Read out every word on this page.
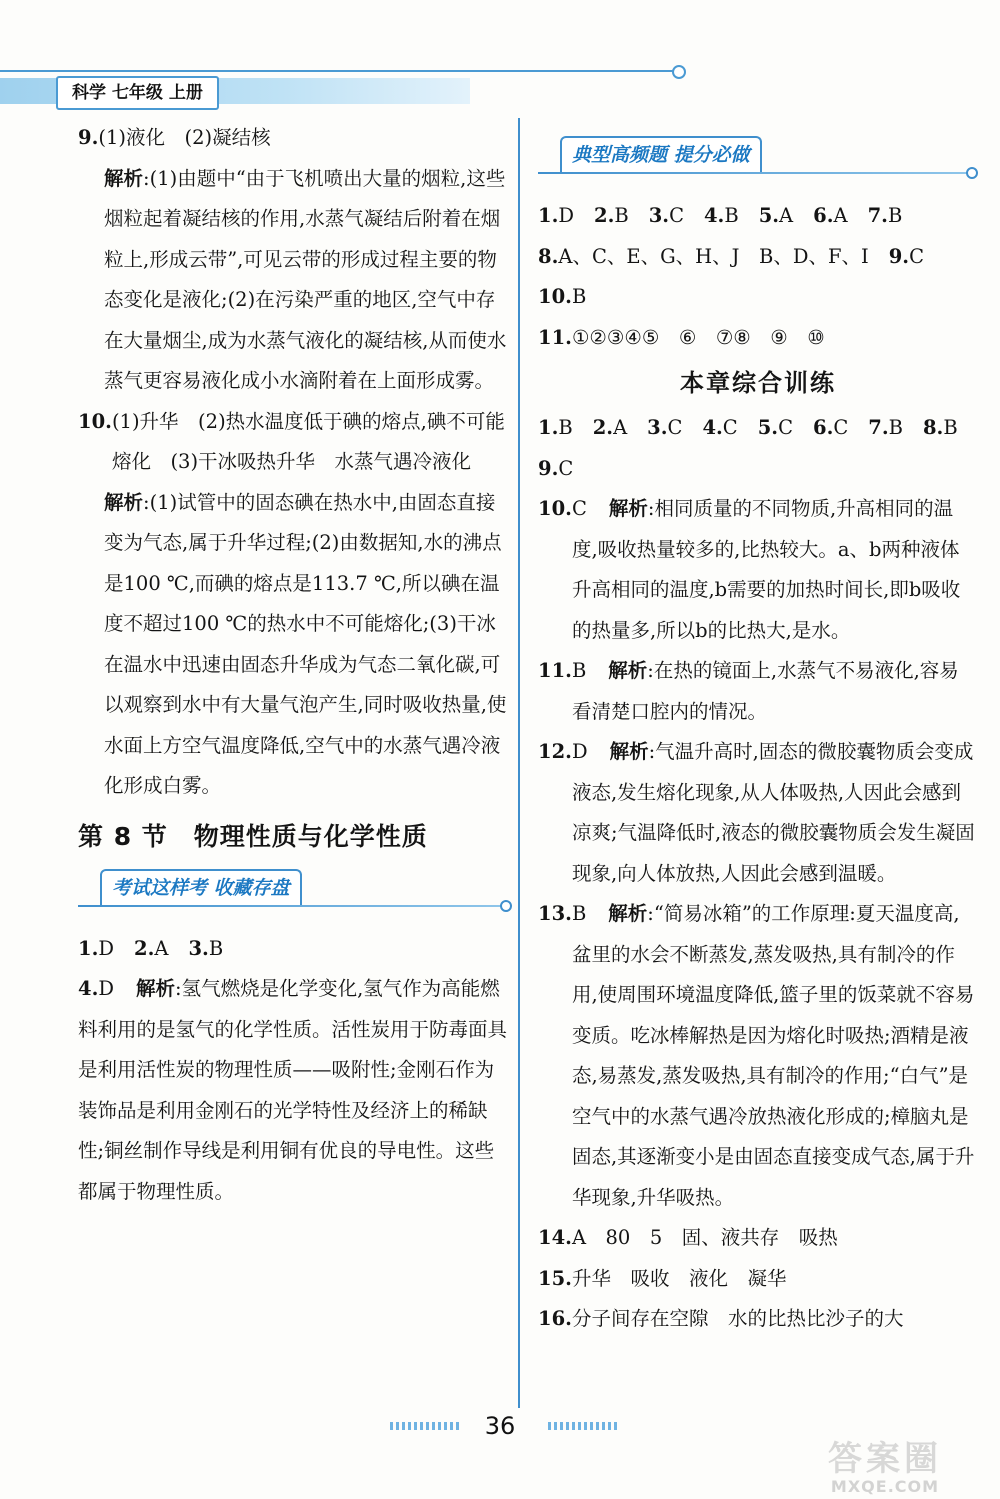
科学 七年级 上册
9. (1)液化　(2)凝结核

解析:(1)由题中“由于飞机喷出大量的烟粒,这些烟粒起着凝结核的作用,水蒸气凝结后附着在烟粒上,形成云带”,可见云带的形成过程主要的物态变化是液化;(2)在污染严重的地区,空气中存在大量烟尘,成为水蒸气液化的凝结核,从而使水蒸气更容易液化成小水滴附着在上面形成雾。

10. (1)升华　(2)热水温度低于碘的熔点,碘不可能熔化　(3)干冰吸热升华　水蒸气遇冷液化

解析:(1)试管中的固态碘在热水中,由固态直接变为气态,属于升华过程;(2)由数据知,水的沸点是100 ℃,而碘的熔点是113.7 ℃,所以碘在温度不超过100 ℃的热水中不可能熔化;(3)干冰在温水中迅速由固态升华成为气态二氧化碳,可以观察到水中有大量气泡产生,同时吸收热量,使水面上方空气温度降低,空气中的水蒸气遇冷液化形成白雾。

第 8 节　物理性质与化学性质
考试这样考 收藏存盘
1.D 2.A 3.B

4.D 解析:氢气燃烧是化学变化,氢气作为高能燃料利用的是氢气的化学性质。活性炭用于防毒面具是利用活性炭的物理性质——吸附性;金刚石作为装饰品是利用金刚石的光学特性及经济上的稀缺性;铜丝制作导线是利用铜有优良的导电性。这些都属于物理性质。

典型高频题 提分必做
1.D 2.B 3.C 4.B 5.A 6.A 7.B
8.A、C、E、G、H、J　B、D、F、I 9.C
10.B

11.①②③④⑤　⑥　⑦⑧　⑨　⑩

本章综合训练
1.B 2.A 3.C 4.C 5.C 6.C 7.B 8.B

9.C

10. C 解析:相同质量的不同物质,升高相同的温度,吸收热量较多的,比热较大。a、b两种液体升高相同的温度,b需要的加热时间长,即b吸收的热量多,所以b的比热大,是水。
11. B 解析:在热的镜面上,水蒸气不易液化,容易看清楚口腔内的情况。
12. D 解析:气温升高时,固态的微胶囊物质会变成液态,发生熔化现象,从人体吸热,人因此会感到凉爽;气温降低时,液态的微胶囊物质会发生凝固现象,向人体放热,人因此会感到温暖。
13. B 解析:“简易冰箱”的工作原理:夏天温度高,盆里的水会不断蒸发,蒸发吸热,具有制冷的作用,使周围环境温度降低,篮子里的饭菜就不容易变质。吃冰棒解热是因为熔化时吸热;酒精是液态,易蒸发,蒸发吸热,具有制冷的作用;“白气”是空气中的水蒸气遇冷放热液化形成的;樟脑丸是固态,其逐渐变小是由固态直接变成气态,属于升华现象,升华吸热。

14.A　80　5　固、液共存　吸热

15.升华　吸收　液化　凝华

16.分子间存在空隙　水的比热比沙子的大

36
答案圈
MXQE.COM
